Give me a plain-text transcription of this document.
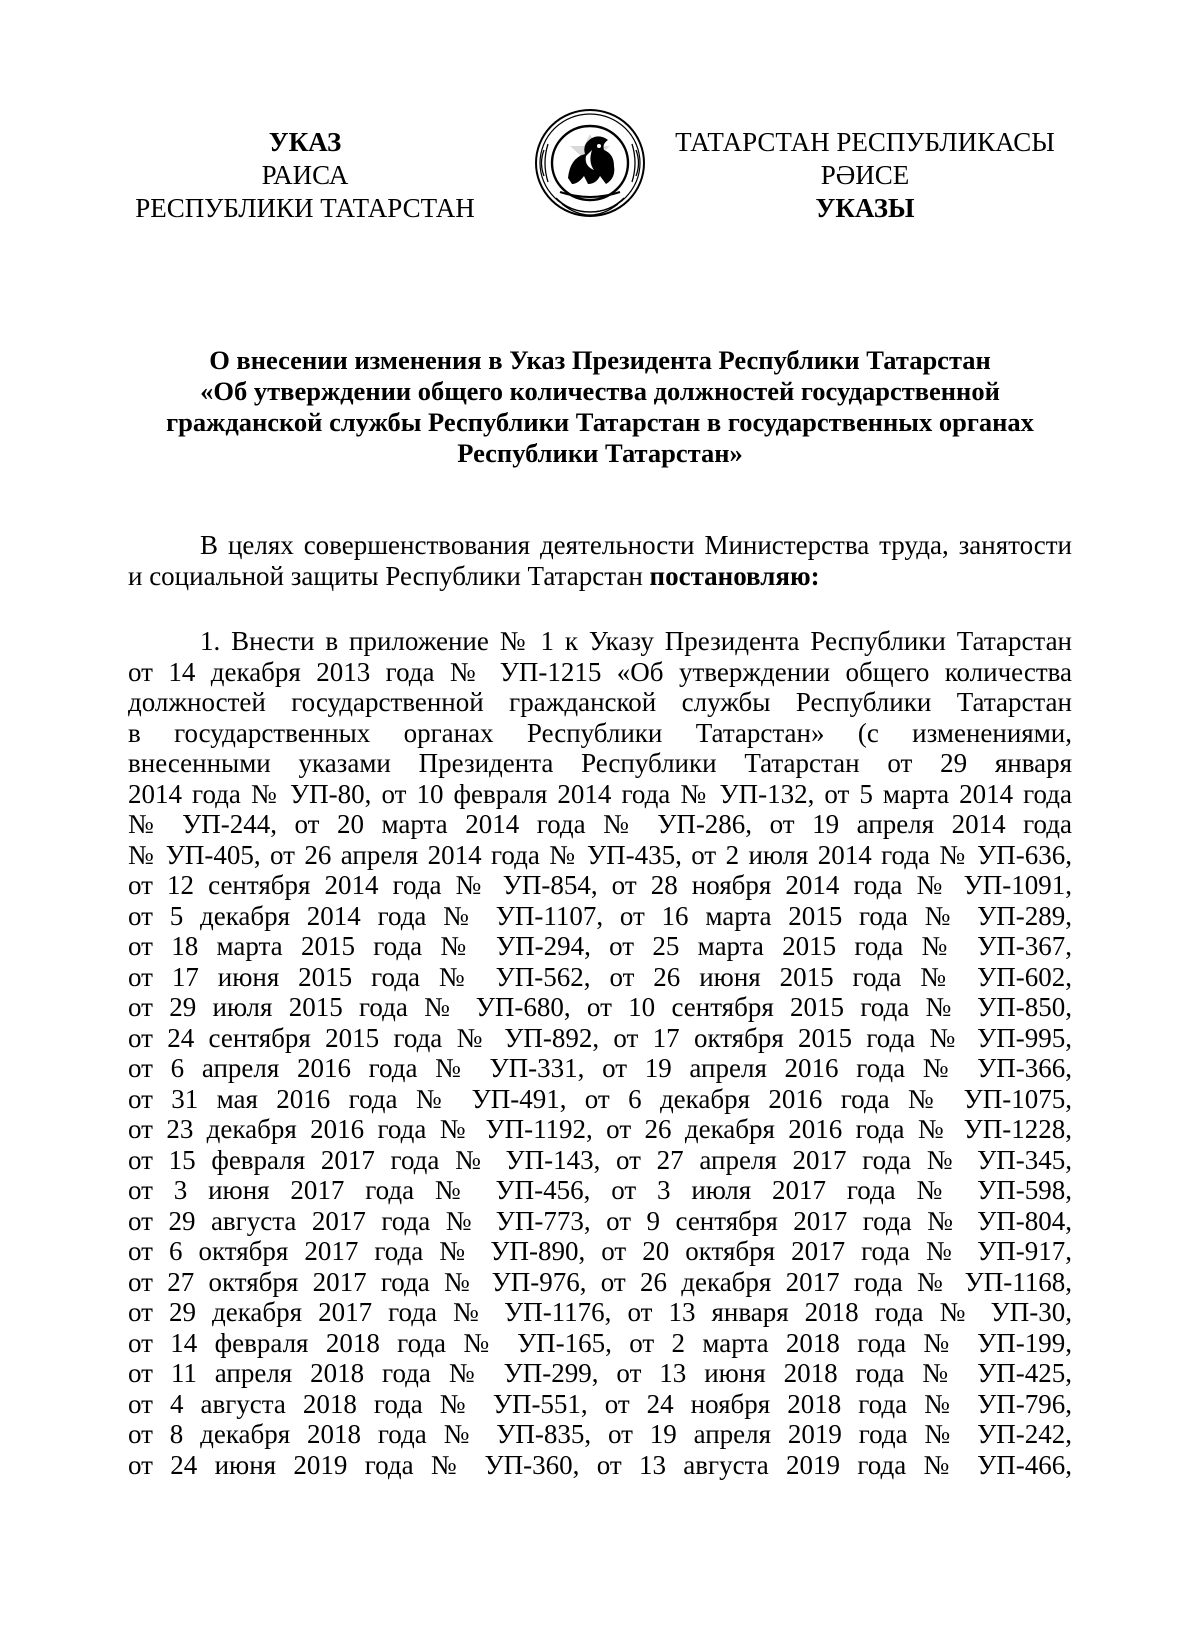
УКАЗ
РАИСА
РЕСПУБЛИКИ ТАТАРСТАН
ТАТАРСТАН РЕСПУБЛИКАСЫ
РӘИСЕ
УКАЗЫ
О внесении изменения в Указ Президента Республики Татарстан
«Об утверждении общего количества должностей государственной
гражданской службы Республики Татарстан в государственных органах
Республики Татарстан»
В целях совершенствования деятельности Министерства труда, занятости и социальной защиты Республики Татарстан постановляю:
1. Внести в приложение № 1 к Указу Президента Республики Татарстан
от 14 декабря 2013 года № УП-1215 «Об утверждении общего количества
должностей государственной гражданской службы Республики Татарстан
в государственных органах Республики Татарстан» (с изменениями,
внесенными указами Президента Республики Татарстан от 29 января
2014 года № УП-80, от 10 февраля 2014 года № УП-132, от 5 марта 2014 года
№ УП-244, от 20 марта 2014 года № УП-286, от 19 апреля 2014 года
№ УП-405, от 26 апреля 2014 года № УП-435, от 2 июля 2014 года № УП-636,
от 12 сентября 2014 года № УП-854, от 28 ноября 2014 года № УП-1091,
от 5 декабря 2014 года № УП-1107, от 16 марта 2015 года № УП-289,
от 18 марта 2015 года № УП-294, от 25 марта 2015 года № УП-367,
от 17 июня 2015 года № УП-562, от 26 июня 2015 года № УП-602,
от 29 июля 2015 года № УП-680, от 10 сентября 2015 года № УП-850,
от 24 сентября 2015 года № УП-892, от 17 октября 2015 года № УП-995,
от 6 апреля 2016 года № УП-331, от 19 апреля 2016 года № УП-366,
от 31 мая 2016 года № УП-491, от 6 декабря 2016 года № УП-1075,
от 23 декабря 2016 года № УП-1192, от 26 декабря 2016 года № УП-1228,
от 15 февраля 2017 года № УП-143, от 27 апреля 2017 года № УП-345,
от 3 июня 2017 года № УП-456, от 3 июля 2017 года № УП-598,
от 29 августа 2017 года № УП-773, от 9 сентября 2017 года № УП-804,
от 6 октября 2017 года № УП-890, от 20 октября 2017 года № УП-917,
от 27 октября 2017 года № УП-976, от 26 декабря 2017 года № УП-1168,
от 29 декабря 2017 года № УП-1176, от 13 января 2018 года № УП-30,
от 14 февраля 2018 года № УП-165, от 2 марта 2018 года № УП-199,
от 11 апреля 2018 года № УП-299, от 13 июня 2018 года № УП-425,
от 4 августа 2018 года № УП-551, от 24 ноября 2018 года № УП-796,
от 8 декабря 2018 года № УП-835, от 19 апреля 2019 года № УП-242,
от 24 июня 2019 года № УП-360, от 13 августа 2019 года № УП-466,
